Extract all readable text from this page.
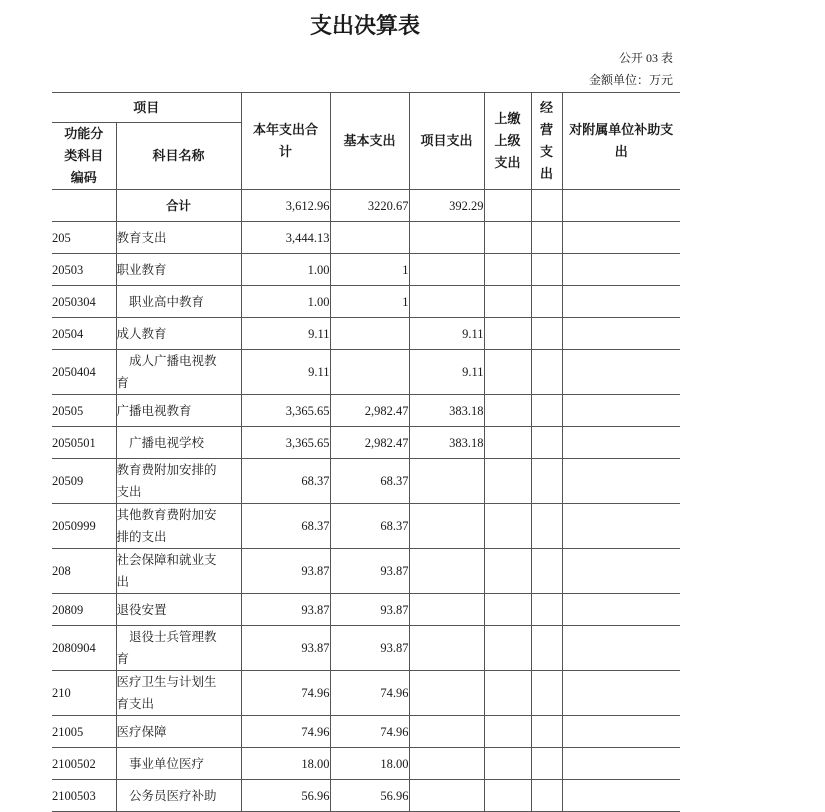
支出决算表
公开 03 表
金额单位：万元
项目		本年支出合计	基本支出	项目支出	上缴上级支出	经营支出	对附属单位补助支出
功能分类科目编码	科目名称						

	合计	3,612.96	3220.67	392.29			
205	教育支出	3,444.13					
20503	职业教育	1.00	1				
2050304	职业高中教育	1.00	1				
20504	成人教育	9.11		9.11			
2050404	成人广播电视教育	9.11		9.11			
20505	广播电视教育	3,365.65	2,982.47	383.18			
2050501	广播电视学校	3,365.65	2,982.47	383.18			
20509	教育费附加安排的支出	68.37	68.37				
2050999	其他教育费附加安排的支出	68.37	68.37				
208	社会保障和就业支出	93.87	93.87				
20809	退役安置	93.87	93.87				
2080904	退役士兵管理教育	93.87	93.87				
210	医疗卫生与计划生育支出	74.96	74.96				
21005	医疗保障	74.96	74.96				
2100502	事业单位医疗	18.00	18.00				
2100503	公务员医疗补助	56.96	56.96				
